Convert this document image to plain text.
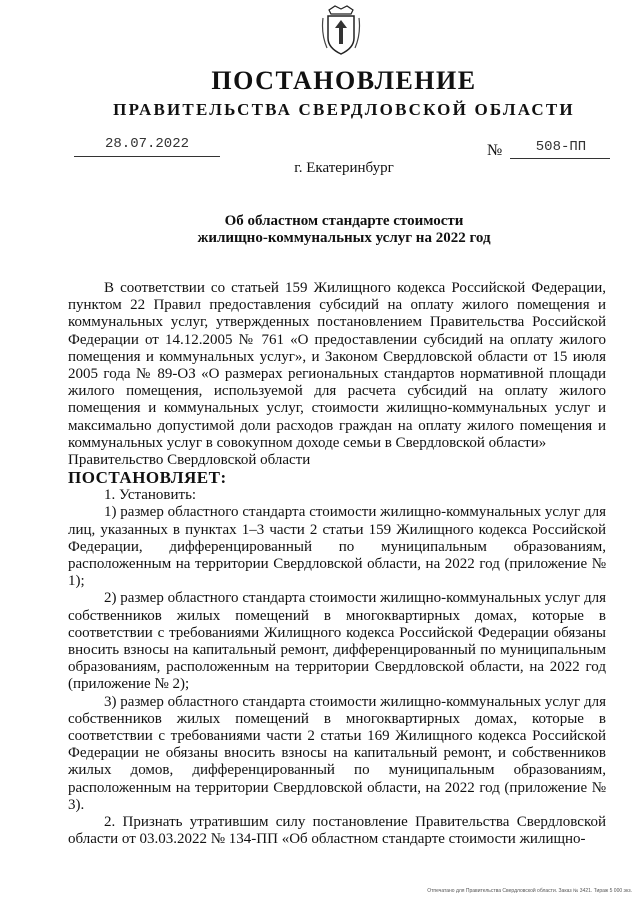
ПОСТАНОВЛЕНИЕ
ПРАВИТЕЛЬСТВА СВЕРДЛОВСКОЙ ОБЛАСТИ
28.07.2022	№	508-ПП
г. Екатеринбург
Об областном стандарте стоимости
жилищно-коммунальных услуг на 2022 год

В соответствии со статьей 159 Жилищного кодекса Российской Федерации, пунктом 22 Правил предоставления субсидий на оплату жилого помещения и коммунальных услуг, утвержденных постановлением Правительства Российской Федерации от 14.12.2005 № 761 «О предоставлении субсидий на оплату жилого помещения и коммунальных услуг», и Законом Свердловской области от 15 июля 2005 года № 89-ОЗ «О размерах региональных стандартов нормативной площади жилого помещения, используемой для расчета субсидий на оплату жилого помещения и коммунальных услуг, стоимости жилищно-коммунальных услуг и максимально допустимой доли расходов граждан на оплату жилого помещения и коммунальных услуг в совокупном доходе семьи в Свердловской области»

Правительство Свердловской области

ПОСТАНОВЛЯЕТ:

1. Установить:

1) размер областного стандарта стоимости жилищно-коммунальных услуг для лиц, указанных в пунктах 1–3 части 2 статьи 159 Жилищного кодекса Российской Федерации, дифференцированный по муниципальным образованиям, расположенным на территории Свердловской области, на 2022 год (приложение № 1);

2) размер областного стандарта стоимости жилищно-коммунальных услуг для собственников жилых помещений в многоквартирных домах, которые в соответствии с требованиями Жилищного кодекса Российской Федерации обязаны вносить взносы на капитальный ремонт, дифференцированный по муниципальным образованиям, расположенным на территории Свердловской области, на 2022 год (приложение № 2);

3) размер областного стандарта стоимости жилищно-коммунальных услуг для собственников жилых помещений в многоквартирных домах, которые в соответствии с требованиями части 2 статьи 169 Жилищного кодекса Российской Федерации не обязаны вносить взносы на капитальный ремонт, и собственников жилых домов, дифференцированный по муниципальным образованиям, расположенным на территории Свердловской области, на 2022 год (приложение № 3).

2. Признать утратившим силу постановление Правительства Свердловской области от 03.03.2022 № 134-ПП «Об областном стандарте стоимости жилищно-

Отпечатано для Правительства Свердловской области. Заказ № 3421. Тираж 5 000 экз.
